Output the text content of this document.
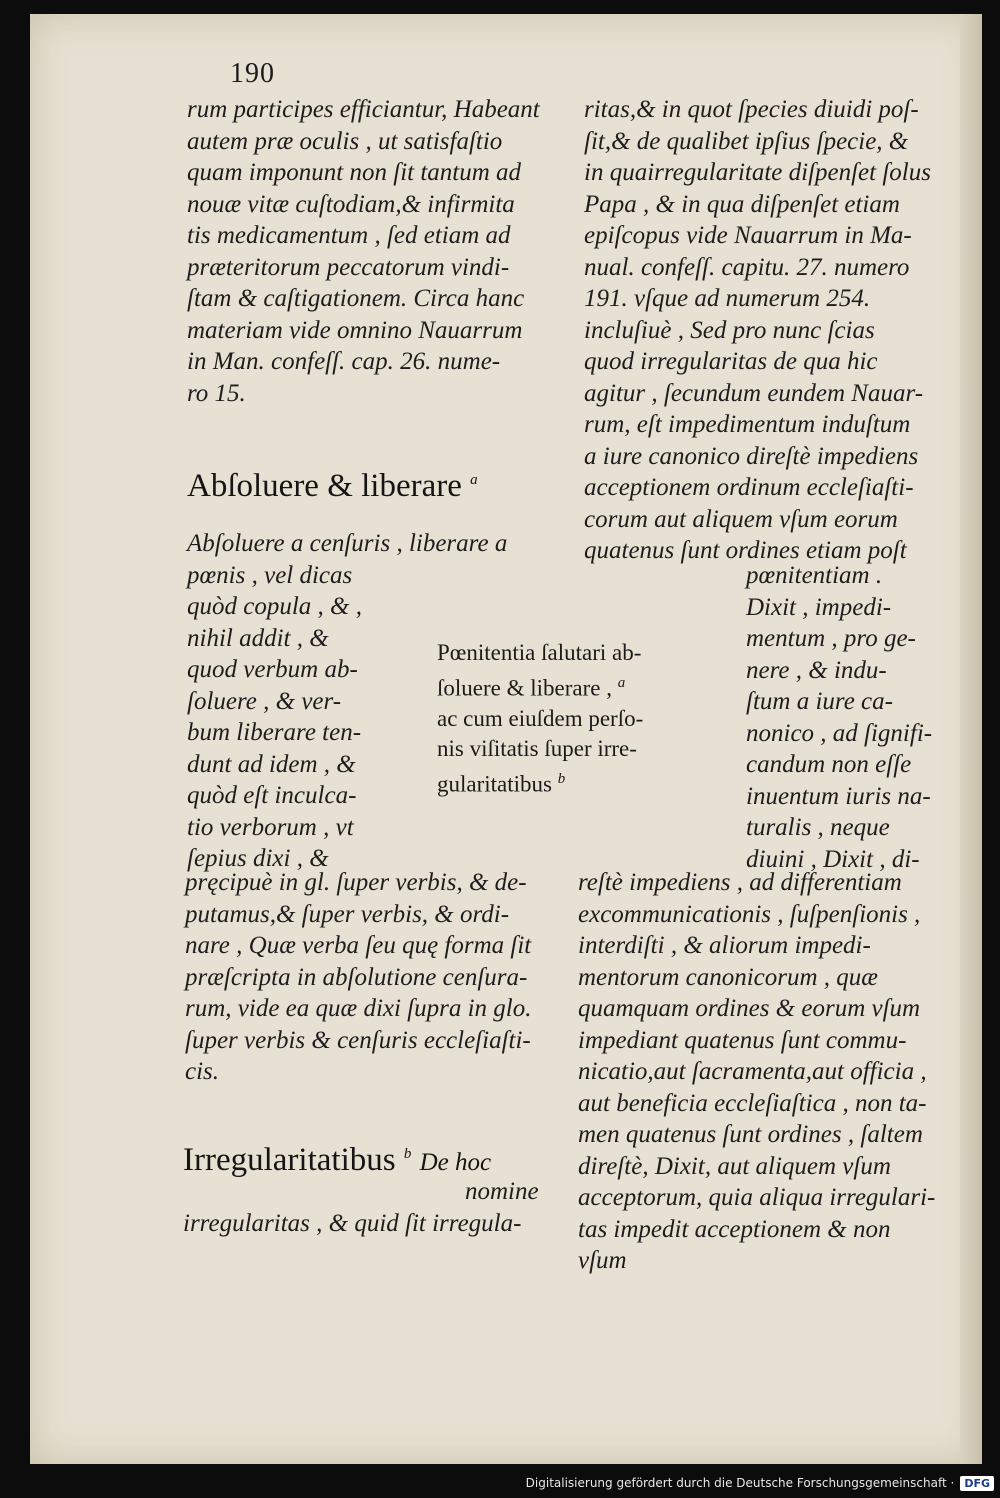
190
rum participes efficiantur, Habeant
autem præ oculis , ut satisfaſtio
quam imponunt non ſit tantum ad
nouæ vitæ cuſtodiam,& infirmita
tis medicamentum , ſed etiam ad
præteritorum peccatorum vindi-
ſtam & caſtigationem. Circa hanc
materiam vide omnino Nauarrum
in Man. confeſſ. cap. 26. nume-
ro 15.
ritas,& in quot ſpecies diuidi poſ-
ſit,& de qualibet ipſius ſpecie, &
in quairregularitate diſpenſet ſolus
Papa , & in qua diſpenſet etiam
epiſcopus vide Nauarrum in Ma-
nual. confeſſ. capitu. 27. numero
191. vſque ad numerum 254.
incluſiuè , Sed pro nunc ſcias
quod irregularitas de qua hic
agitur , ſecundum eundem Nauar-
rum, eſt impedimentum induſtum
a iure canonico direſtè impediens
acceptionem ordinum eccleſiaſti-
corum aut aliquem vſum eorum
quatenus ſunt ordines etiam poſt
Abſoluere & liberare $^a$
Abſoluere a cenſuris , liberare a
pœnis , vel dicas
quòd copula , & ,
nihil addit , &
quod verbum ab-
ſoluere , & ver-
bum liberare ten-
dunt ad idem , &
quòd eſt inculca-
tio verborum , vt
ſepius dixi , &
Pœnitentia ſalutari ab-
ſoluere & liberare , $^a$
ac cum eiuſdem perſo-
nis viſitatis ſuper irre-
gularitatibus $^b$
pœnitentiam .
Dixit , impedi-
mentum , pro ge-
nere , & indu-
ſtum a iure ca-
nonico , ad ſignifi-
candum non eſſe
inuentum iuris na-
turalis , neque
diuini , Dixit , di-
pręcipuè in gl. ſuper verbis, & de-
putamus,& ſuper verbis, & ordi-
nare , Quæ verba ſeu quę forma ſit
præſcripta in abſolutione cenſura-
rum, vide ea quæ dixi ſupra in glo.
ſuper verbis & cenſuris eccleſiaſti-
cis.
reſtè impediens , ad differentiam
excommunicationis , ſuſpenſionis ,
interdiſti , & aliorum impedi-
mentorum canonicorum , quæ
quamquam ordines & eorum vſum
impediant quatenus ſunt commu-
nicatio,aut ſacramenta,aut officia ,
aut beneficia eccleſiaſtica , non ta-
men quatenus ſunt ordines , ſaltem
direſtè, Dixit, aut aliquem vſum
acceptorum, quia aliqua irregulari-
tas impedit acceptionem & non
vſum
Irregularitatibus $^b$ De hoc
nomine
irregularitas , & quid ſit irregula-
Digitalisierung gefördert durch die Deutsche Forschungsgemeinschaft · DFG
